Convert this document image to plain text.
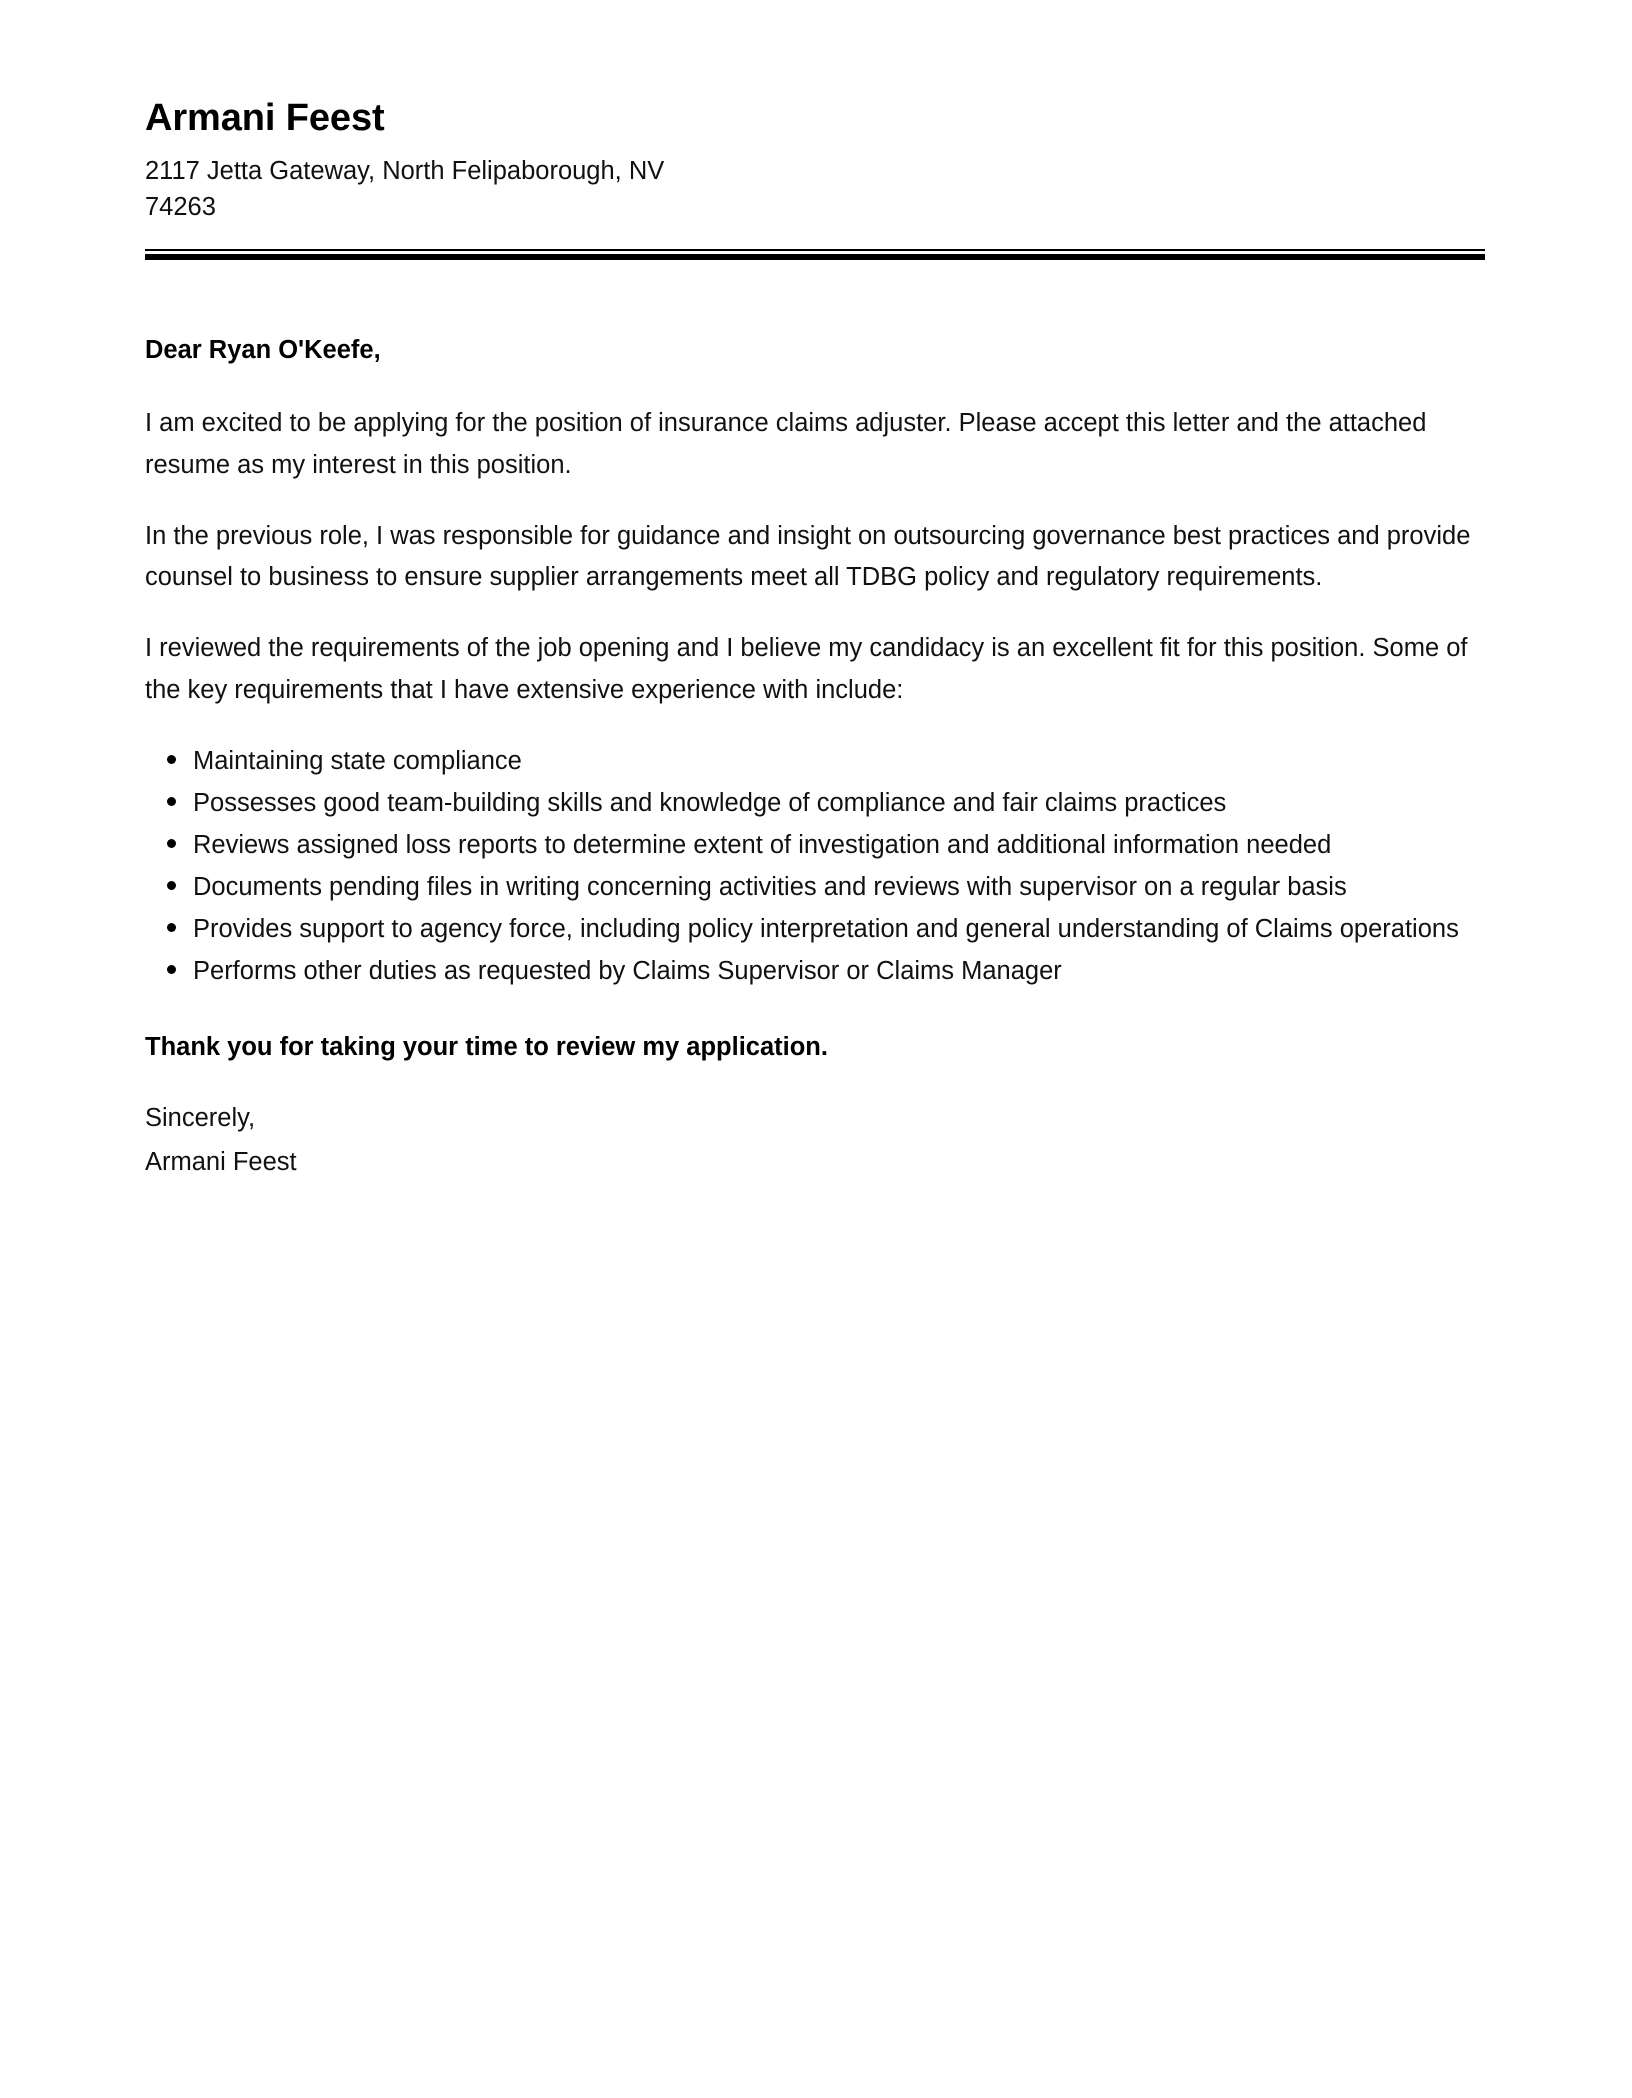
Armani Feest

2117 Jetta Gateway, North Felipaborough, NV

74263

Dear Ryan O'Keefe,

I am excited to be applying for the position of insurance claims adjuster. Please accept this letter and the attached resume as my interest in this position.

In the previous role, I was responsible for guidance and insight on outsourcing governance best practices and provide counsel to business to ensure supplier arrangements meet all TDBG policy and regulatory requirements.

I reviewed the requirements of the job opening and I believe my candidacy is an excellent fit for this position. Some of the key requirements that I have extensive experience with include:

Maintaining state compliance
Possesses good team-building skills and knowledge of compliance and fair claims practices
Reviews assigned loss reports to determine extent of investigation and additional information needed
Documents pending files in writing concerning activities and reviews with supervisor on a regular basis
Provides support to agency force, including policy interpretation and general understanding of Claims operations
Performs other duties as requested by Claims Supervisor or Claims Manager

Thank you for taking your time to review my application.

Sincerely,

Armani Feest
